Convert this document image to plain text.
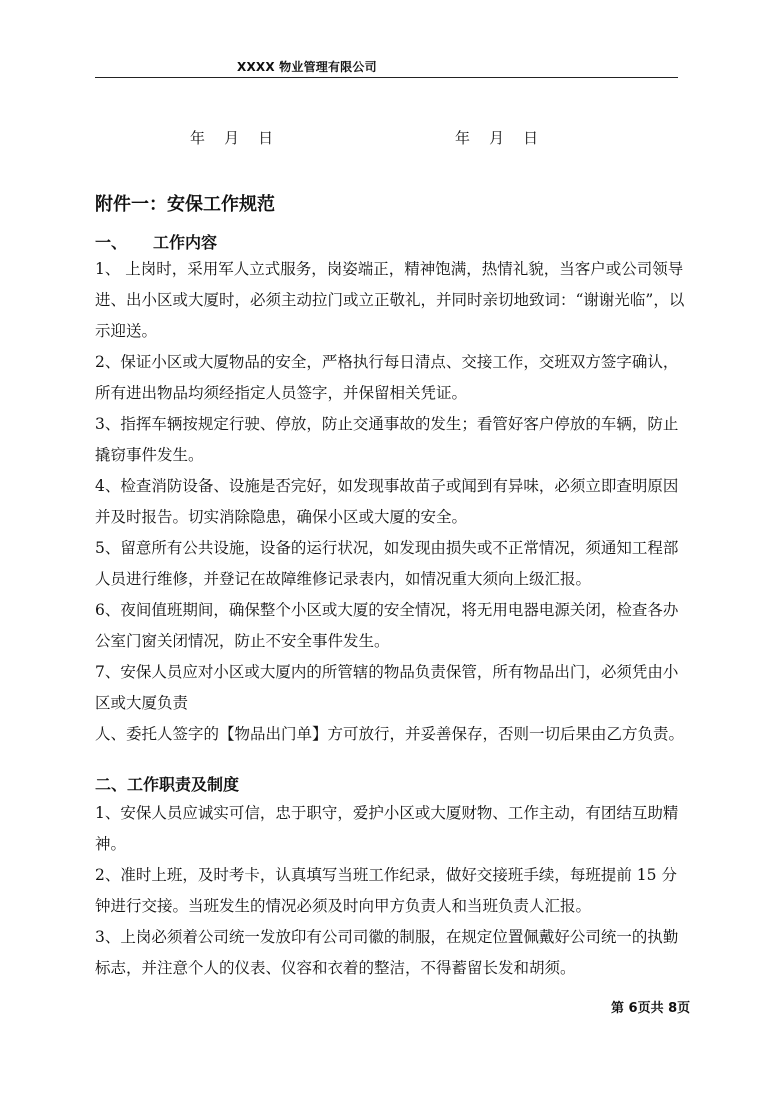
XXXX 物业管理有限公司
年    月    日	年    月    日
附件一：安保工作规范
一、 工作内容

1、 上岗时，采用军人立式服务，岗姿端正，精神饱满，热情礼貌，当客户或公司领导进、出小区或大厦时，必须主动拉门或立正敬礼，并同时亲切地致词：“谢谢光临”，以示迎送。

2、保证小区或大厦物品的安全，严格执行每日清点、交接工作，交班双方签字确认，所有进出物品均须经指定人员签字，并保留相关凭证。

3、指挥车辆按规定行驶、停放，防止交通事故的发生；看管好客户停放的车辆，防止撬窃事件发生。

4、检查消防设备、设施是否完好，如发现事故苗子或闻到有异味，必须立即查明原因并及时报告。切实消除隐患，确保小区或大厦的安全。

5、留意所有公共设施，设备的运行状况，如发现由损失或不正常情况，须通知工程部人员进行维修，并登记在故障维修记录表内，如情况重大须向上级汇报。

6、夜间值班期间，确保整个小区或大厦的安全情况，将无用电器电源关闭，检查各办公室门窗关闭情况，防止不安全事件发生。

7、安保人员应对小区或大厦内的所管辖的物品负责保管，所有物品出门，必须凭由小区或大厦负责

人、委托人签字的【物品出门单】方可放行，并妥善保存，否则一切后果由乙方负责。

二、工作职责及制度

1、安保人员应诚实可信，忠于职守，爱护小区或大厦财物、工作主动，有团结互助精神。

2、准时上班，及时考卡，认真填写当班工作纪录，做好交接班手续，每班提前 15 分钟进行交接。当班发生的情况必须及时向甲方负责人和当班负责人汇报。

3、上岗必须着公司统一发放印有公司司徽的制服，在规定位置佩戴好公司统一的执勤标志，并注意个人的仪表、仪容和衣着的整洁，不得蓄留长发和胡须。

第 6页共 8页
